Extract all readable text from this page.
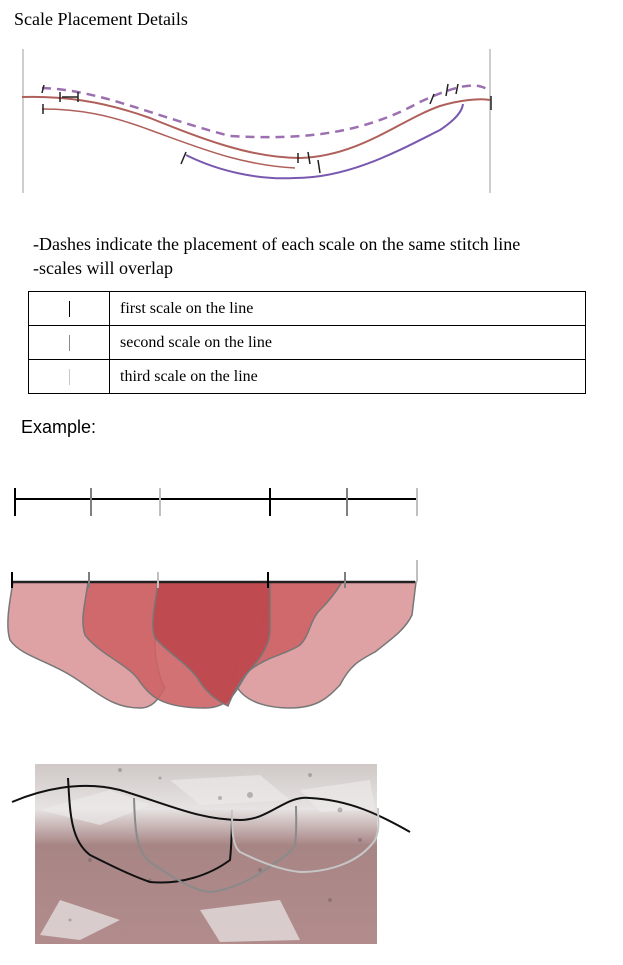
Scale Placement Details
-Dashes indicate the placement of each scale on the same stitch line
-scales will overlap
	first scale on the line
	second scale on the line
	third scale on the line
Example:
